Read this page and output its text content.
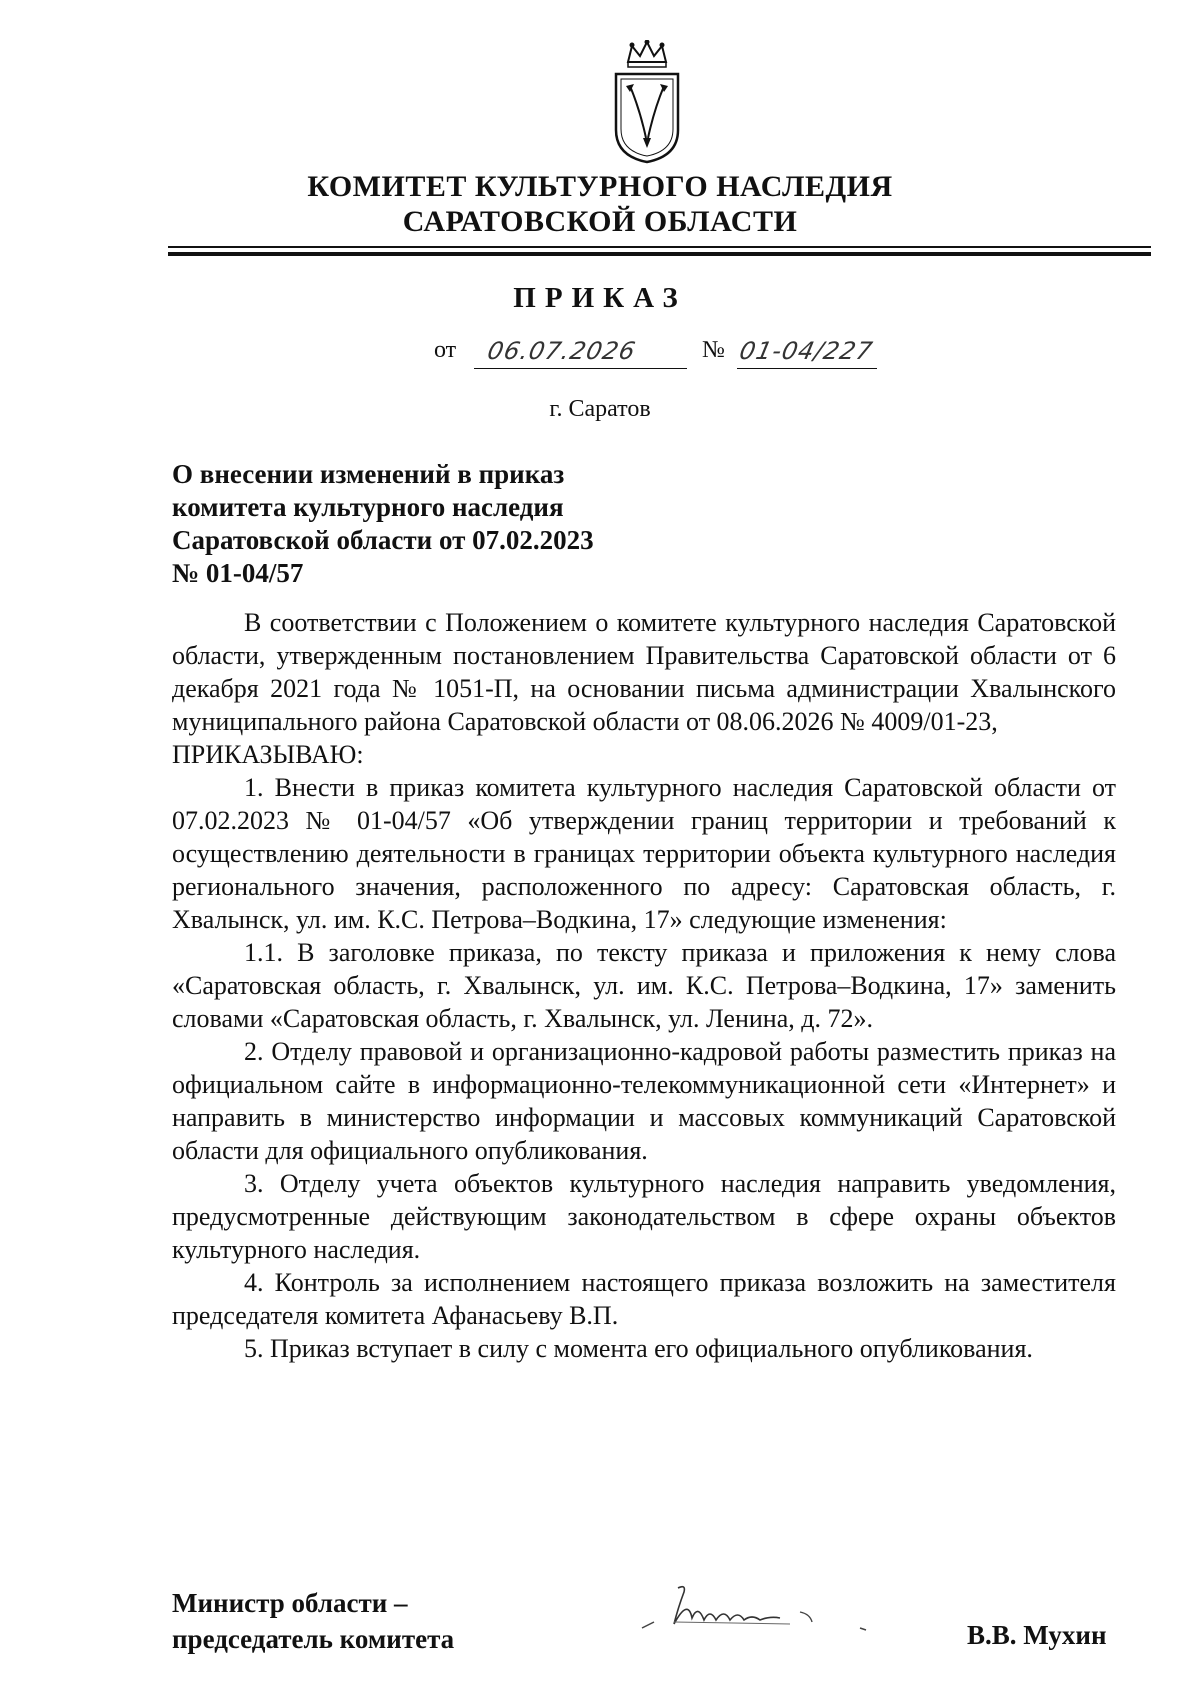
КОМИТЕТ КУЛЬТУРНОГО НАСЛЕДИЯ
САРАТОВСКОЙ ОБЛАСТИ
ПРИКАЗ
от 06.07.2026	№ 01-04/227
г. Саратов
О внесении изменений в приказ
комитета культурного наследия
Саратовской области от 07.02.2023
№ 01-04/57

В соответствии с Положением о комитете культурного наследия Саратовской области, утвержденным постановлением Правительства Саратовской области от 6 декабря 2021 года № 1051-П, на основании письма администрации Хвалынского муниципального района Саратовской области от 08.06.2026 № 4009/01-23,

ПРИКАЗЫВАЮ:

1. Внести в приказ комитета культурного наследия Саратовской области от 07.02.2023 № 01-04/57 «Об утверждении границ территории и требований к осуществлению деятельности в границах территории объекта культурного наследия регионального значения, расположенного по адресу: Саратовская область, г. Хвалынск, ул. им. К.С. Петрова–Водкина, 17» следующие изменения:

1.1. В заголовке приказа, по тексту приказа и приложения к нему слова «Саратовская область, г. Хвалынск, ул. им. К.С. Петрова–Водкина, 17» заменить словами «Саратовская область, г. Хвалынск, ул. Ленина, д. 72».

2. Отделу правовой и организационно-кадровой работы разместить приказ на официальном сайте в информационно-телекоммуникационной сети «Интернет» и направить в министерство информации и массовых коммуникаций Саратовской области для официального опубликования.

3. Отделу учета объектов культурного наследия направить уведомления, предусмотренные действующим законодательством в сфере охраны объектов культурного наследия.

4. Контроль за исполнением настоящего приказа возложить на заместителя председателя комитета Афанасьеву В.П.

5. Приказ вступает в силу с момента его официального опубликования.

Министр области –
председатель комитета	В.В. Мухин
